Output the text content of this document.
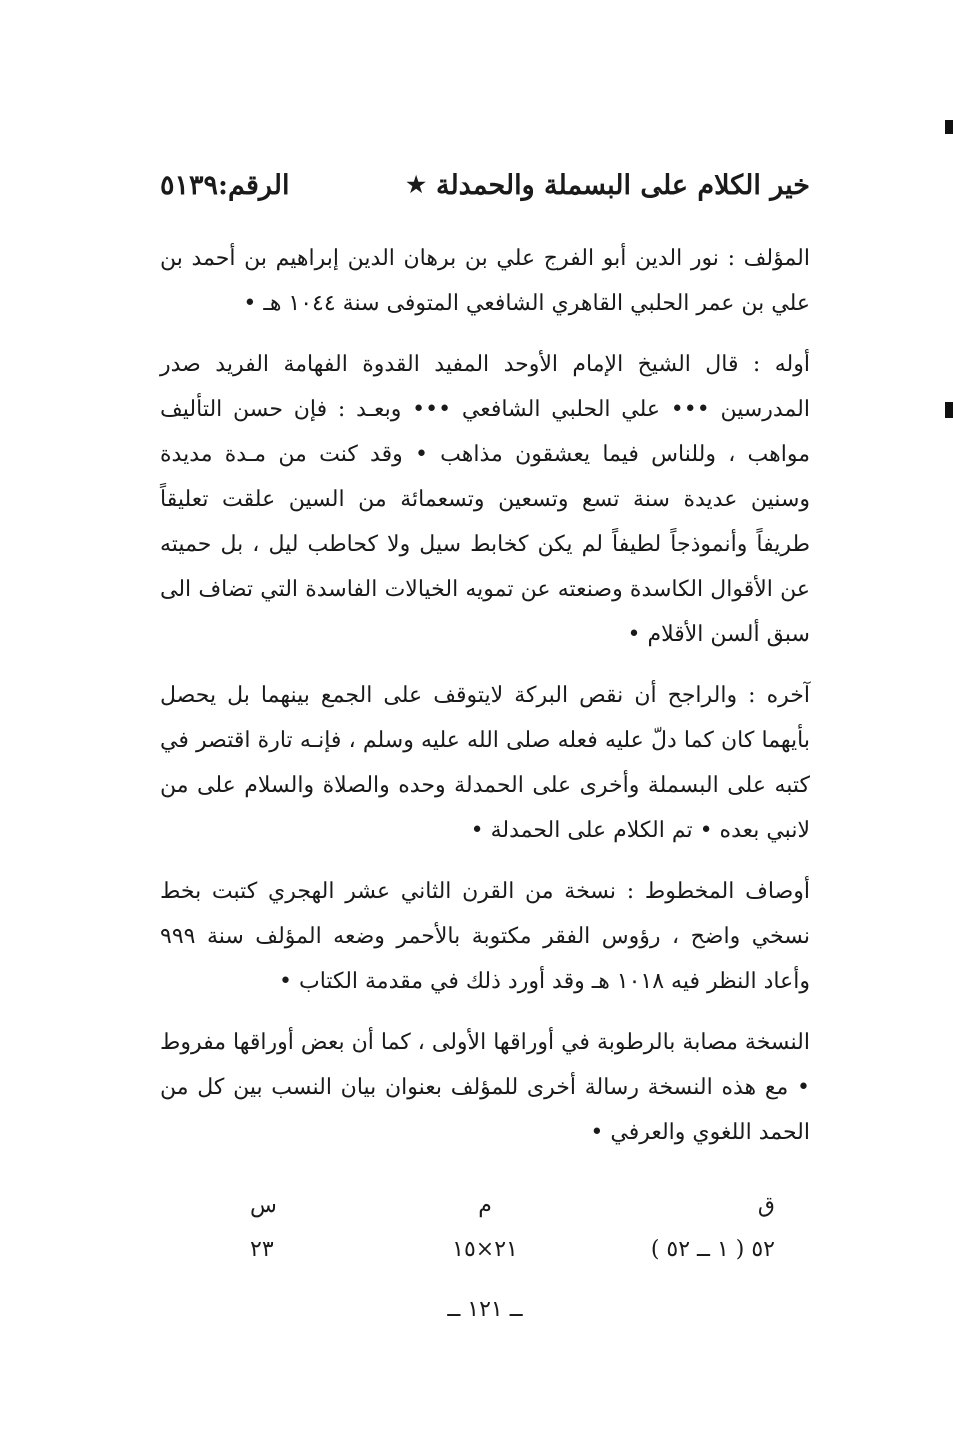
خير الكلام على البسملة والحمدلة
★
الرقم:٥١٣٩

المؤلف : نور الدين أبو الفرج علي بن برهان الدين إبراهيم بن أحمد بن علي بن عمر الحلبي القاهري الشافعي المتوفى سنة ١٠٤٤ هـ •

أوله : قال الشيخ الإمام الأوحد المفيد القدوة الفهامة الفريد صدر المدرسين ••• علي الحلبي الشافعي ••• وبعـد : فإن حسن التأليف مواهب ، وللناس فيما يعشقون مذاهب • وقد كنت من مـدة مديدة وسنين عديدة سنة تسع وتسعين وتسعمائة من السين علقت تعليقاً طريفاً وأنموذجاً لطيفاً لم يكن كخابط سيل ولا كحاطب ليل ، بل حميته عن الأقوال الكاسدة وصنعته عن تمويه الخيالات الفاسدة التي تضاف الى سبق ألسن الأقلام •

آخره : والراجح أن نقص البركة لايتوقف على الجمع بينهما بل يحصل بأيهما كان كما دلّ عليه فعله صلى الله عليه وسلم ، فإنـه تارة اقتصر في كتبه على البسملة وأخرى على الحمدلة وحده والصلاة والسلام على من لانبي بعده • تم الكلام على الحمدلة •

أوصاف المخطوط : نسخة من القرن الثاني عشر الهجري كتبت بخط نسخي واضح ، رؤوس الفقر مكتوبة بالأحمر وضعه المؤلف سنة ٩٩٩ وأعاد النظر فيه ١٠١٨ هـ وقد أورد ذلك في مقدمة الكتاب •

النسخة مصابة بالرطوبة في أوراقها الأولى ، كما أن بعض أوراقها مفروط • مع هذه النسخة رسالة أخرى للمؤلف بعنوان بيان النسب بين كل من الحمد اللغوي والعرفي •

ق
م
س
٥٢ ( ١ ــ ٥٢ )
٢١×١٥
٢٣
ــ ١٢١ ــ
